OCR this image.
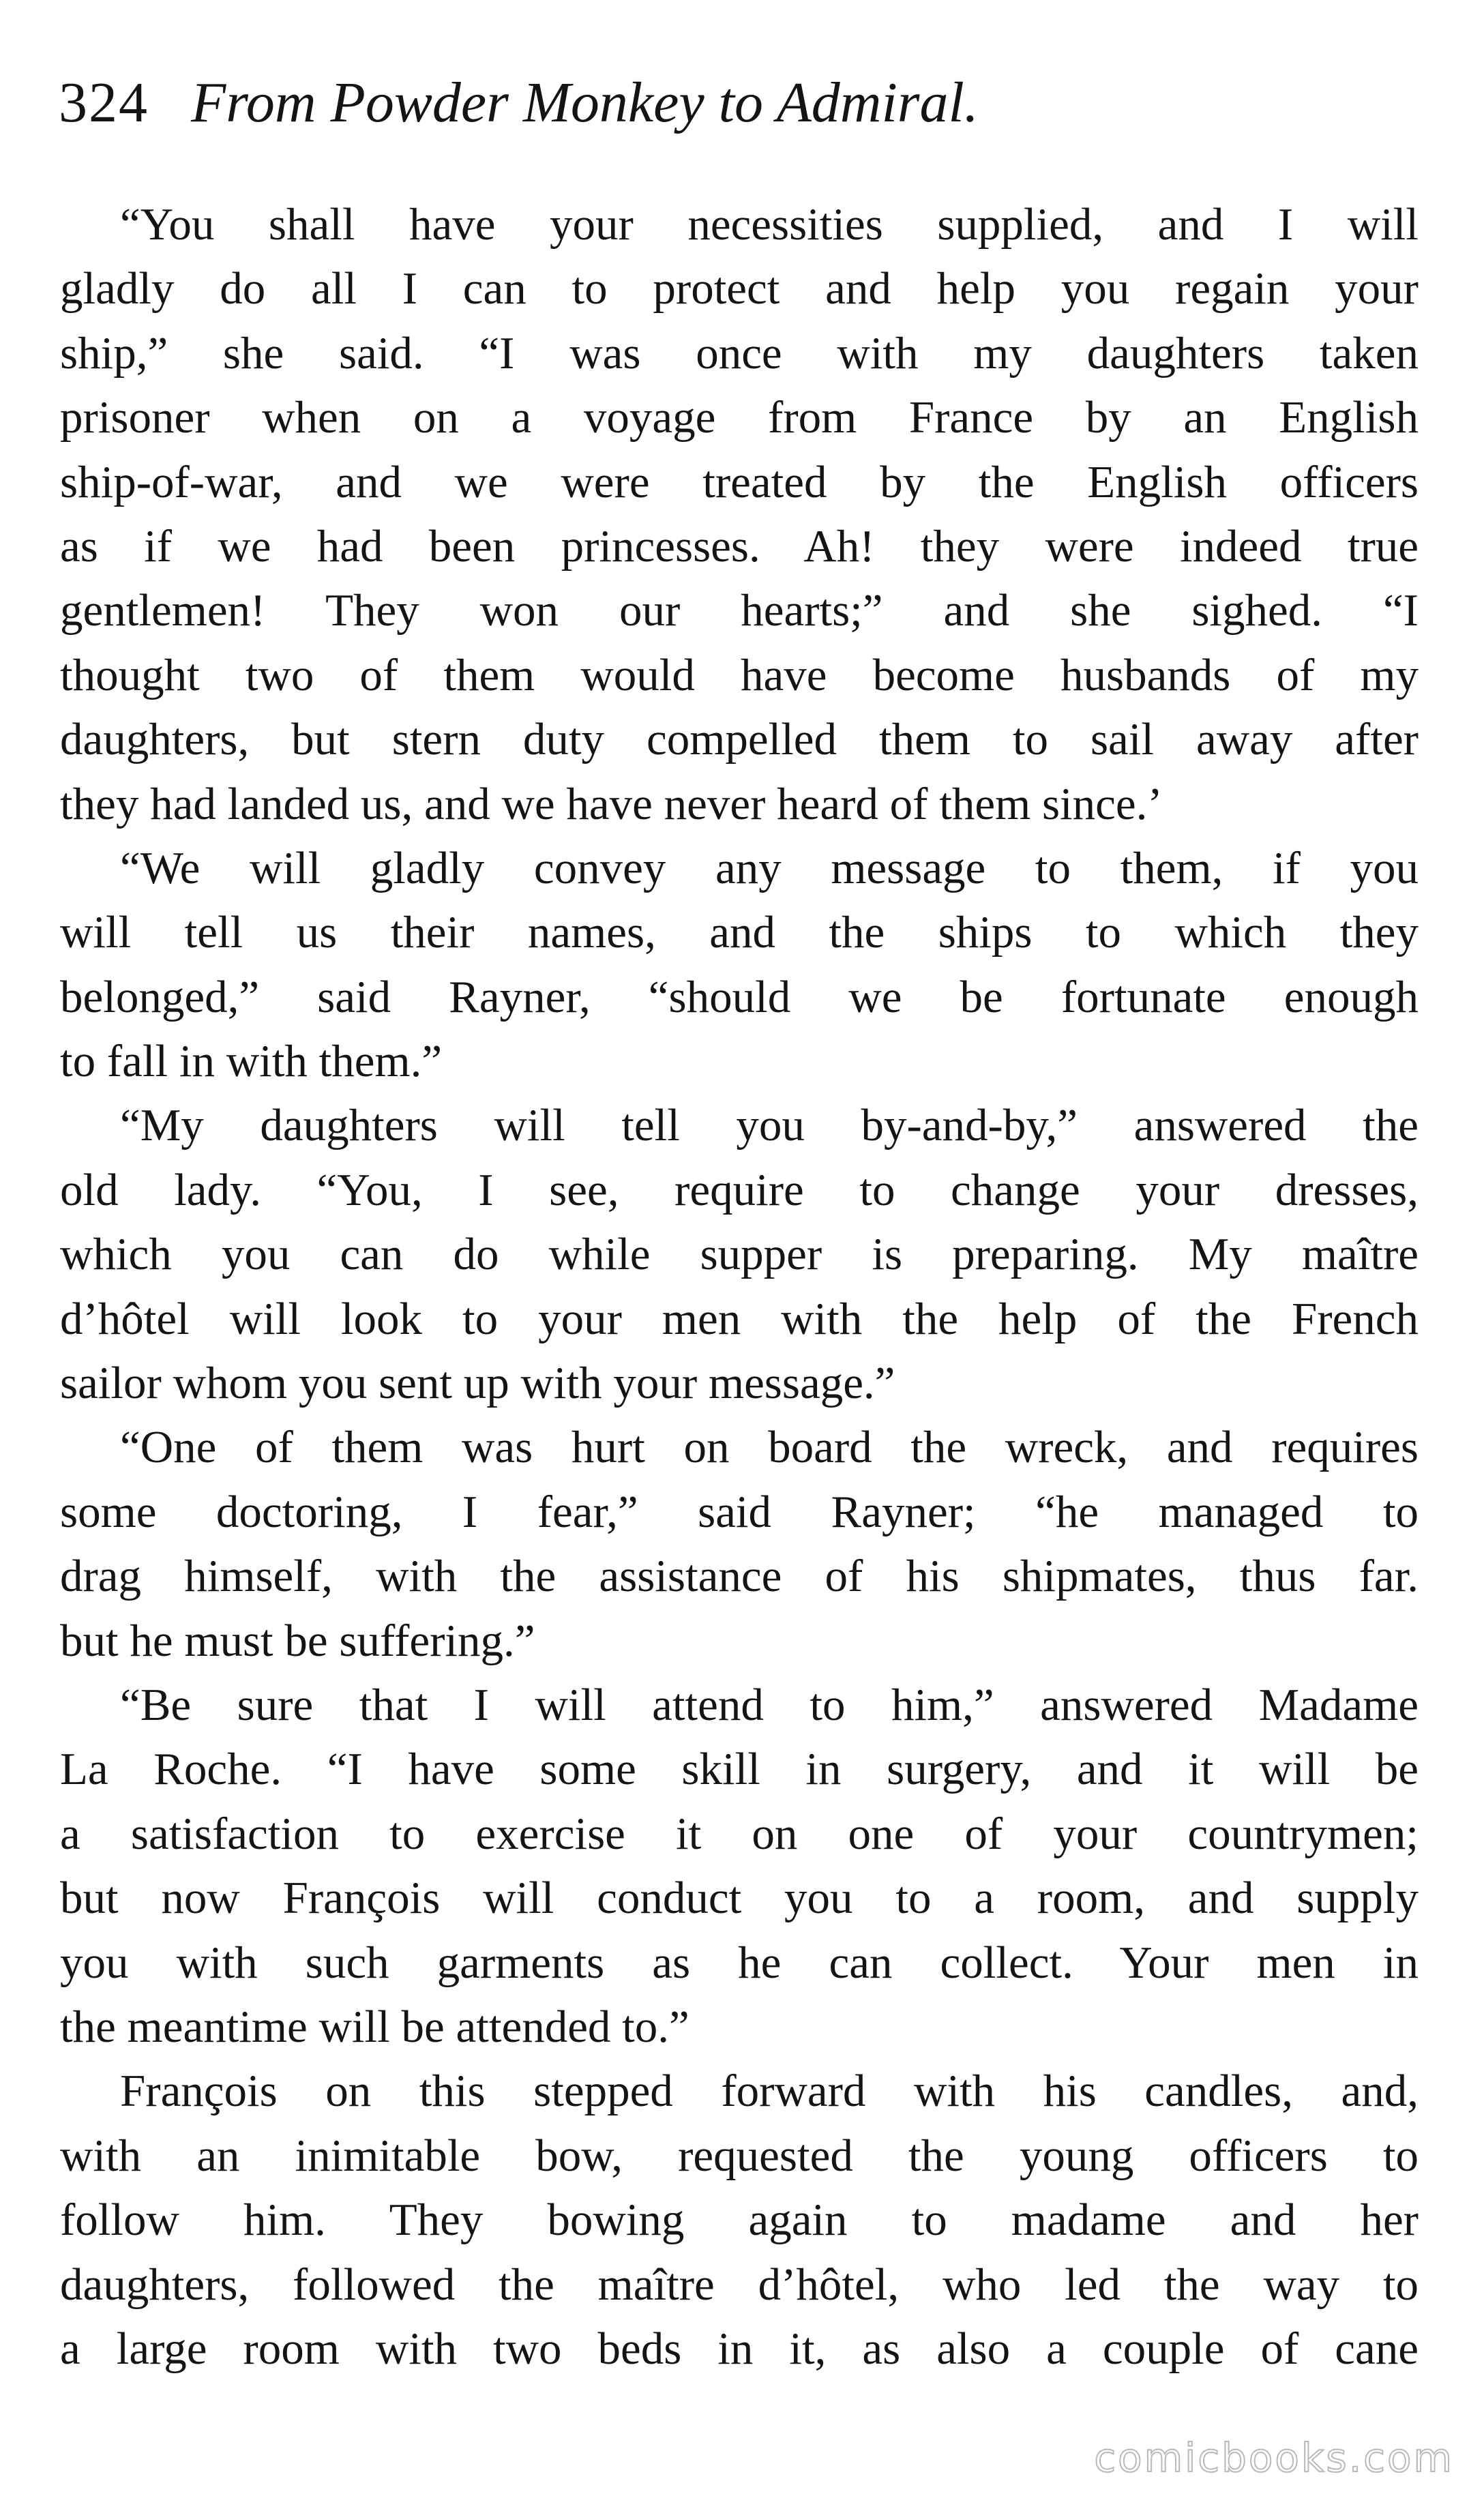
324 From Powder Monkey to Admiral.
“You shall have your necessities supplied, and I will
gladly do all I can to protect and help you regain your
ship,” she said. “I was once with my daughters taken
prisoner when on a voyage from France by an English
ship-of-war, and we were treated by the English officers
as if we had been princesses. Ah! they were indeed true
gentlemen! They won our hearts;” and she sighed. “I
thought two of them would have become husbands of my
daughters, but stern duty compelled them to sail away after
they had landed us, and we have never heard of them since.’
“We will gladly convey any message to them, if you
will tell us their names, and the ships to which they
belonged,” said Rayner, “should we be fortunate enough
to fall in with them.”
“My daughters will tell you by-and-by,” answered the
old lady. “You, I see, require to change your dresses,
which you can do while supper is preparing. My maître
d’hôtel will look to your men with the help of the French
sailor whom you sent up with your message.”
“One of them was hurt on board the wreck, and requires
some doctoring, I fear,” said Rayner; “he managed to
drag himself, with the assistance of his shipmates, thus far.
but he must be suffering.”
“Be sure that I will attend to him,” answered Madame
La Roche. “I have some skill in surgery, and it will be
a satisfaction to exercise it on one of your countrymen;
but now François will conduct you to a room, and supply
you with such garments as he can collect. Your men in
the meantime will be attended to.”
François on this stepped forward with his candles, and,
with an inimitable bow, requested the young officers to
follow him. They bowing again to madame and her
daughters, followed the maître d’hôtel, who led the way to
a large room with two beds in it, as also a couple of cane
comicbooks.com
